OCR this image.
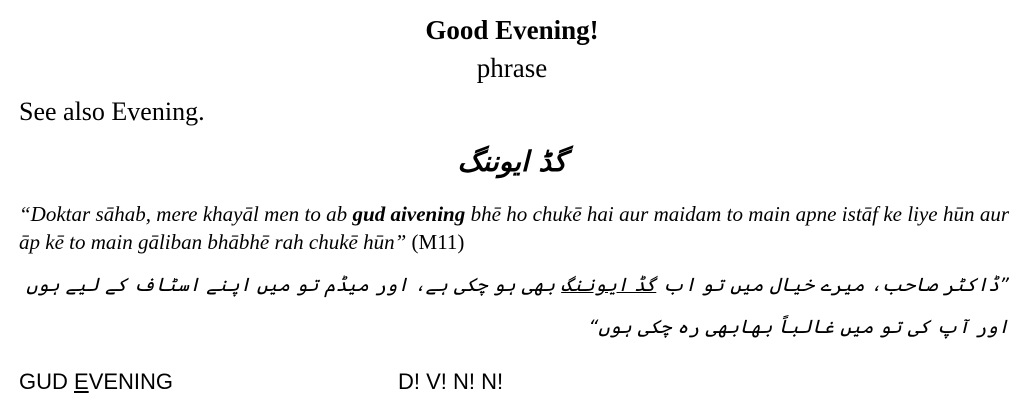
Good Evening!
phrase
See also Evening.
گڈ ایوننگ
“Doktar sāhab, mere khayāl men to ab gud aivening bhē ho chukē hai aur maidam to main apne istāf ke liye hūn aur āp kē to main gāliban bhābhē rah chukē hūn” (M11)
”ڈاکٹر صاحب، میرے خیال میں تو اب گڈ ایوننگ بھی ہو چکی ہے، اور میڈم تو میں اپنے اسٹاف کے لیے ہوں اور آپ کی تو میں غالباً بھابھی رہ چکی ہوں“
GUD EVENING	D! V! N! N!
